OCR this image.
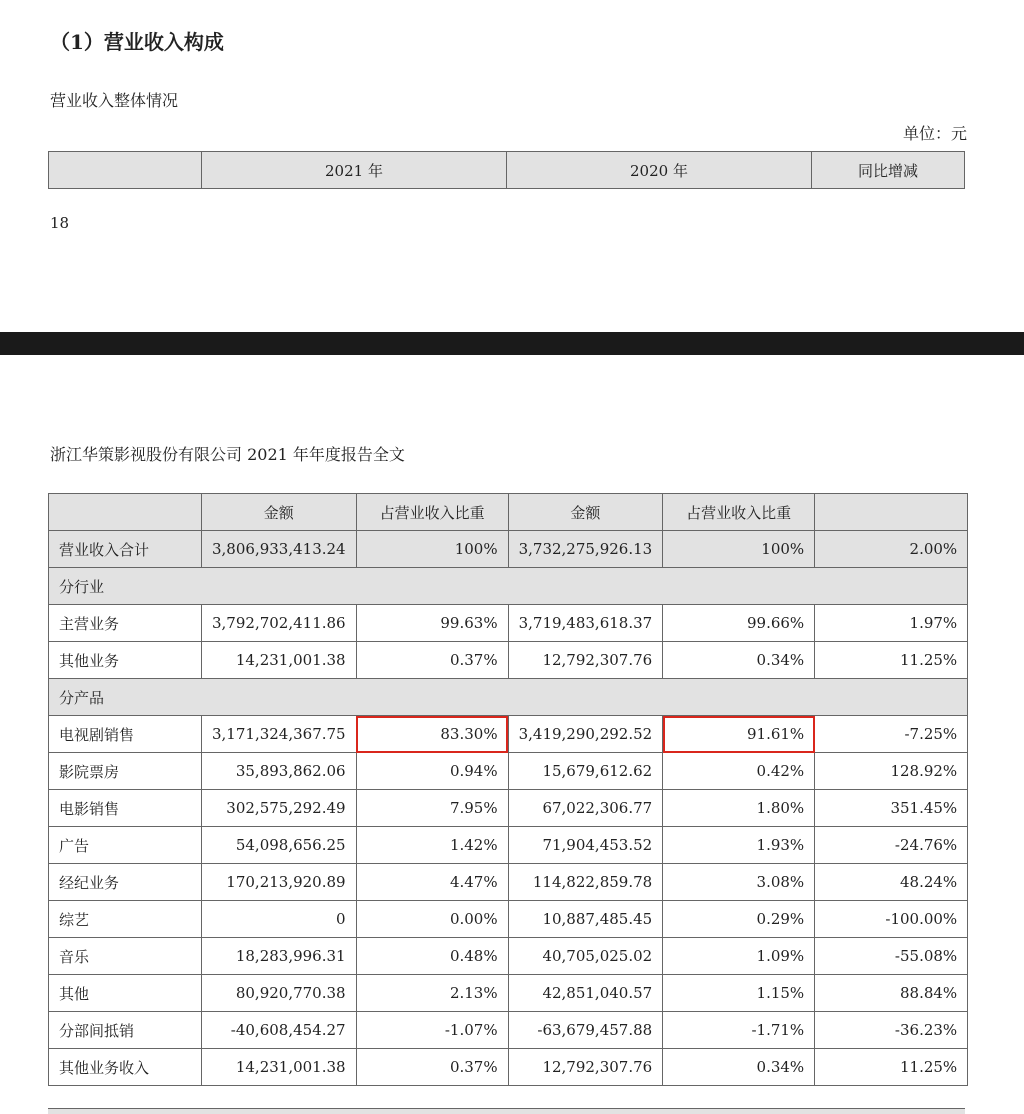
（1）营业收入构成
营业收入整体情况
单位：元
	2021 年	2020 年	同比增减
18
浙江华策影视股份有限公司 2021 年年度报告全文
	金额	占营业收入比重	金额	占营业收入比重	
营业收入合计	3,806,933,413.24	100%	3,732,275,926.13	100%	2.00%
分行业					
主营业务	3,792,702,411.86	99.63%	3,719,483,618.37	99.66%	1.97%
其他业务	14,231,001.38	0.37%	12,792,307.76	0.34%	11.25%
分产品					
电视剧销售	3,171,324,367.75	83.30%	3,419,290,292.52	91.61%	-7.25%
影院票房	35,893,862.06	0.94%	15,679,612.62	0.42%	128.92%
电影销售	302,575,292.49	7.95%	67,022,306.77	1.80%	351.45%
广告	54,098,656.25	1.42%	71,904,453.52	1.93%	-24.76%
经纪业务	170,213,920.89	4.47%	114,822,859.78	3.08%	48.24%
综艺	0	0.00%	10,887,485.45	0.29%	-100.00%
音乐	18,283,996.31	0.48%	40,705,025.02	1.09%	-55.08%
其他	80,920,770.38	2.13%	42,851,040.57	1.15%	88.84%
分部间抵销	-40,608,454.27	-1.07%	-63,679,457.88	-1.71%	-36.23%
其他业务收入	14,231,001.38	0.37%	12,792,307.76	0.34%	11.25%
